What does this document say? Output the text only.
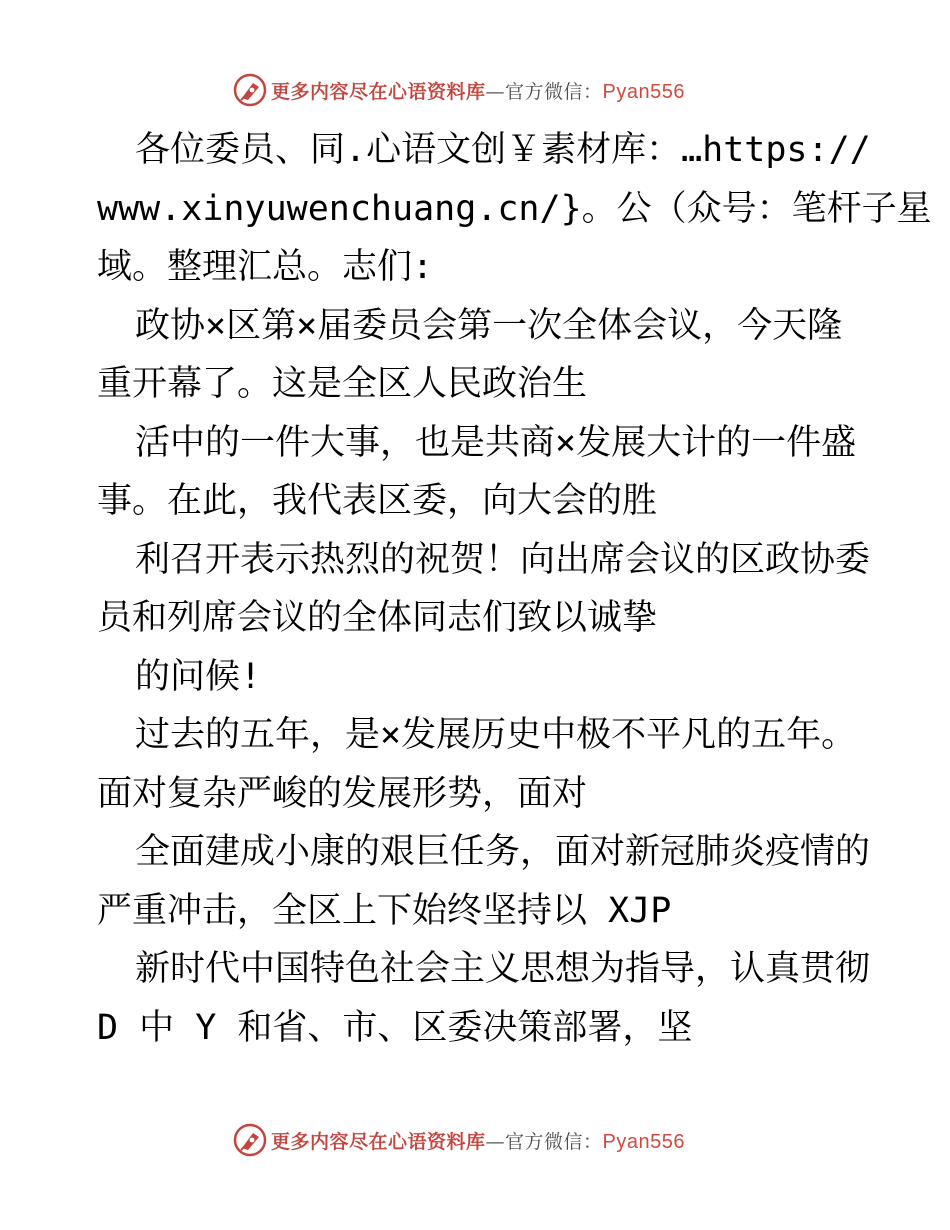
更多内容尽在心语资料库—官方微信：Pyan556
各位委员、同.心语文创￥素材库：…https://
www.xinyuwenchuang.cn/}。公（众号：笔杆子星
域。整理汇总。志们:
政协×区第×届委员会第一次全体会议，今天隆
重开幕了。这是全区人民政治生
活中的一件大事，也是共商×发展大计的一件盛
事。在此，我代表区委，向大会的胜
利召开表示热烈的祝贺！向出席会议的区政协委
员和列席会议的全体同志们致以诚挚
的问候!
过去的五年，是×发展历史中极不平凡的五年。
面对复杂严峻的发展形势，面对
全面建成小康的艰巨任务，面对新冠肺炎疫情的
严重冲击，全区上下始终坚持以 XJP
新时代中国特色社会主义思想为指导，认真贯彻
D 中 Y 和省、市、区委决策部署，坚
更多内容尽在心语资料库—官方微信：Pyan556
